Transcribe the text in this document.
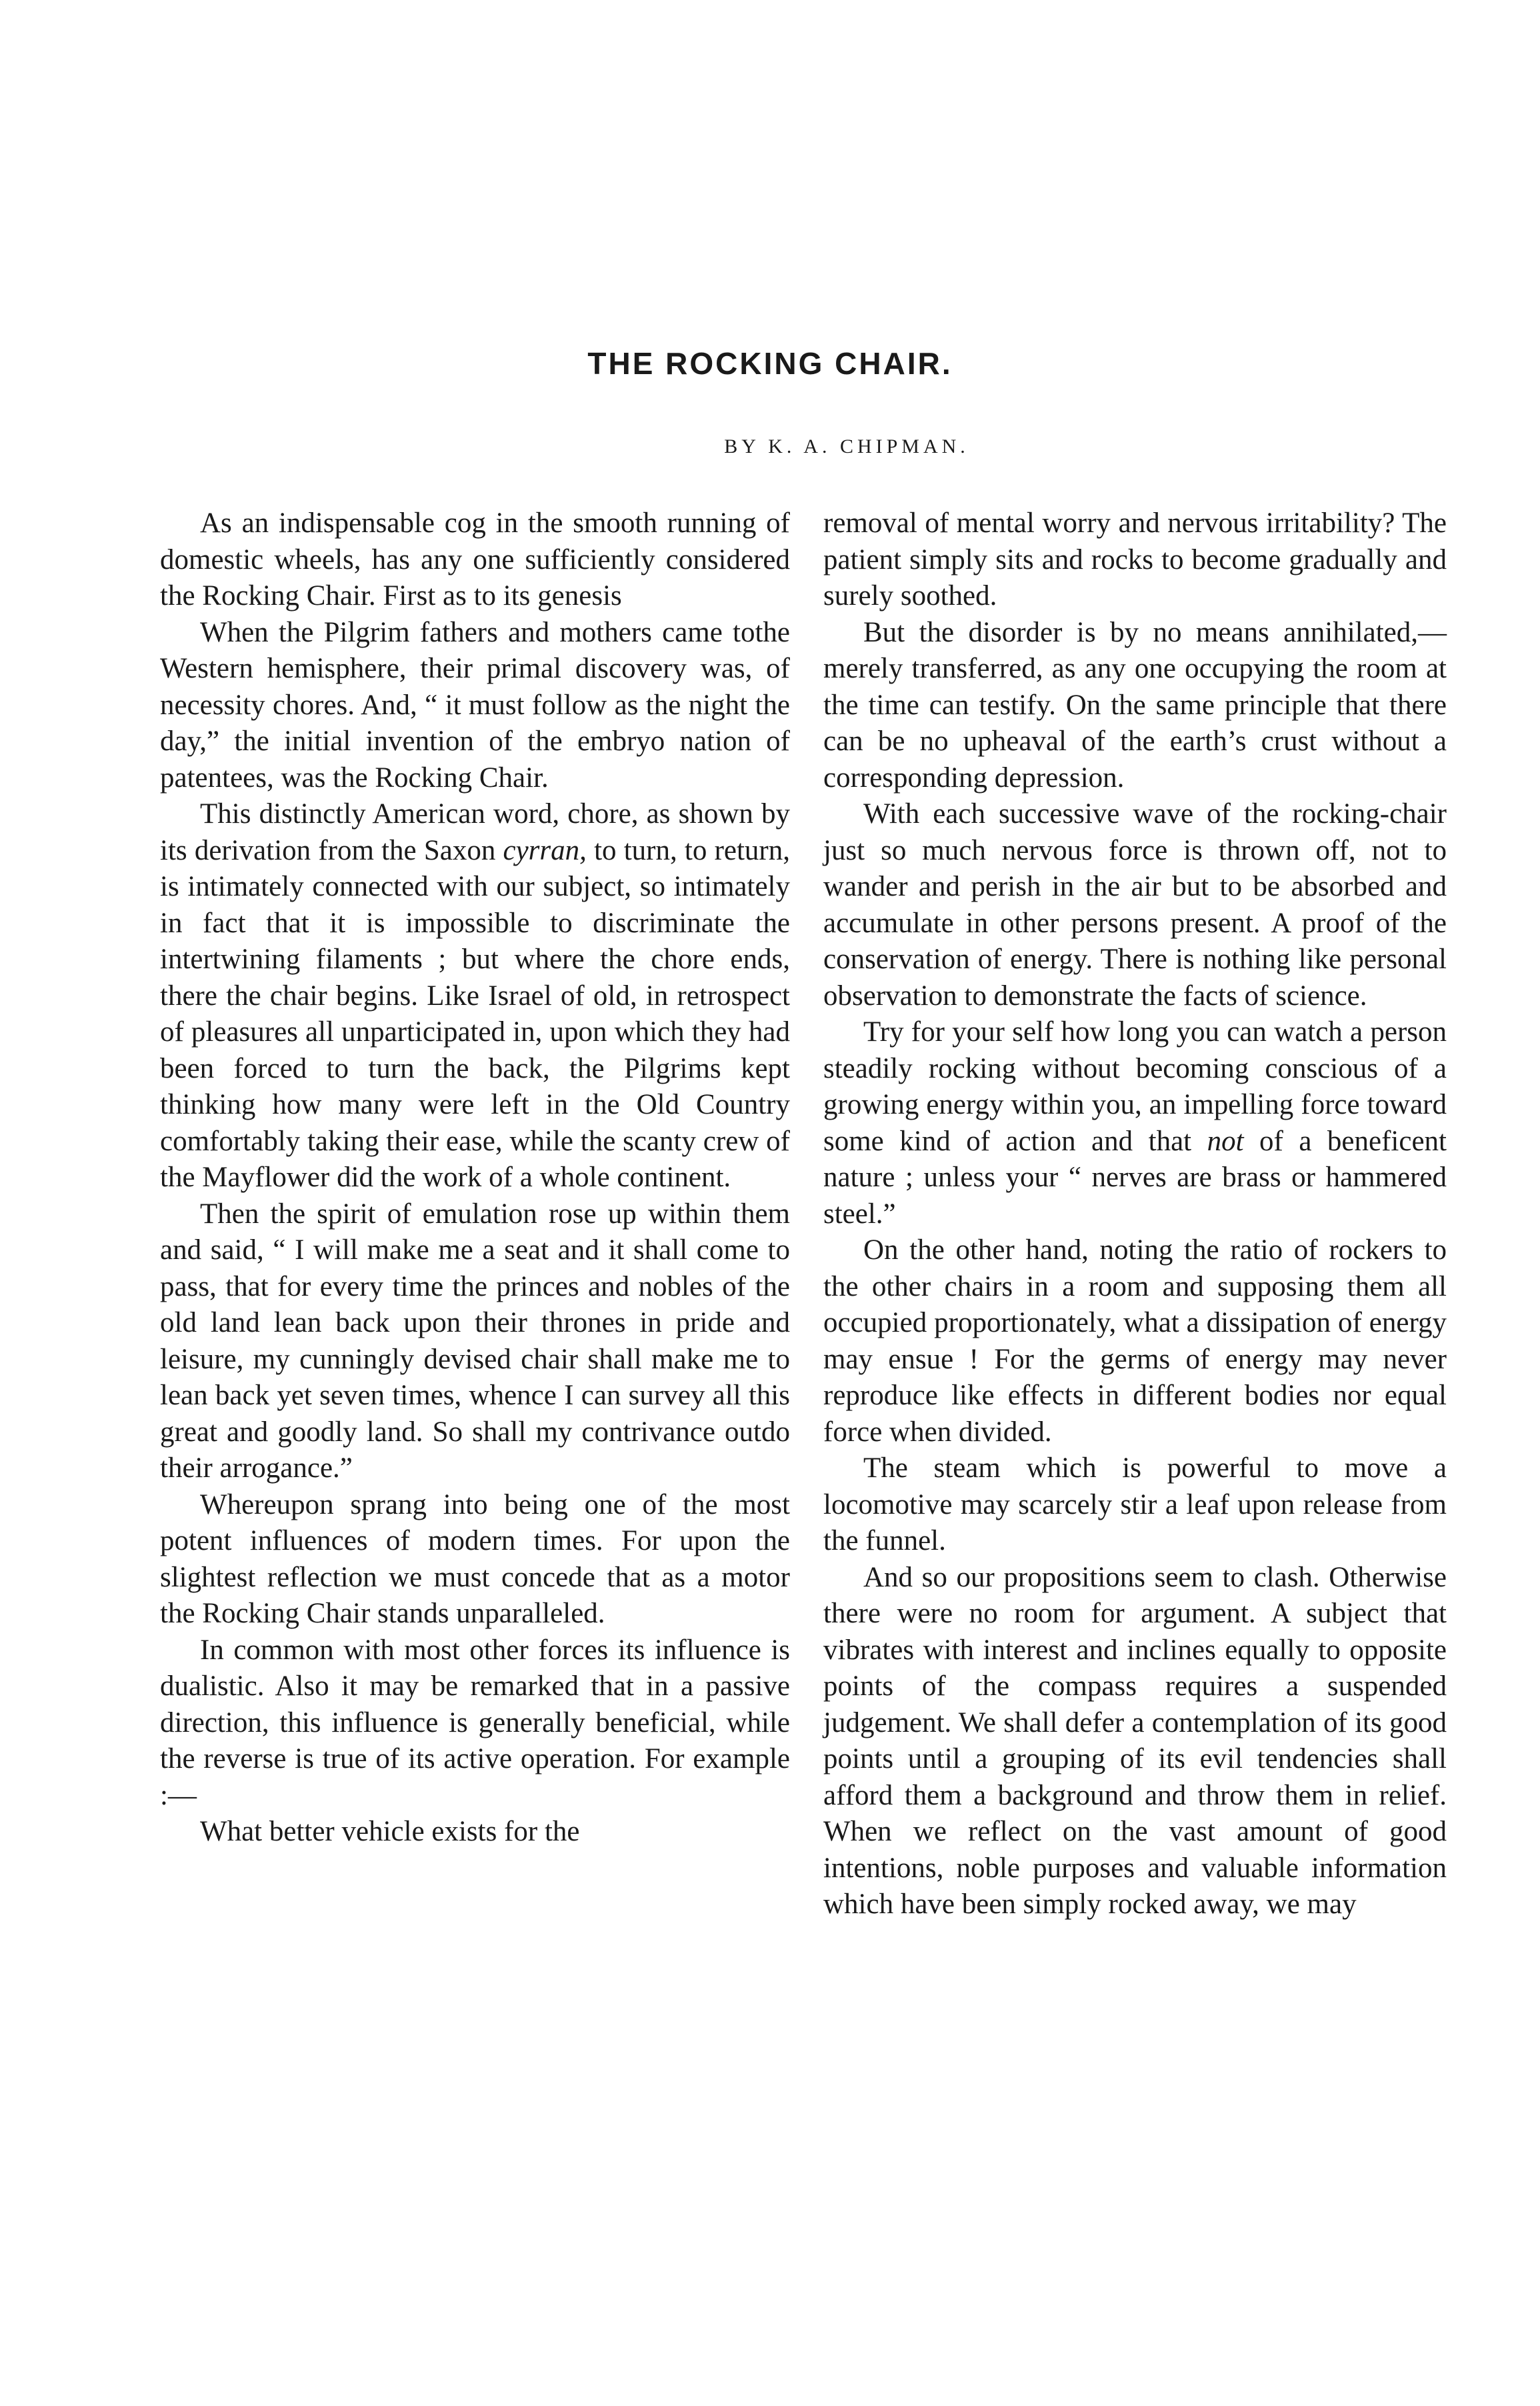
THE ROCKING CHAIR.
BY K. A. CHIPMAN.

As an indispensable cog in the smooth running of domestic wheels, has any one sufficiently considered the Rocking Chair. First as to its genesis

When the Pilgrim fathers and mothers came tothe Western hemisphere, their primal discovery was, of necessity chores. And, “ it must follow as the night the day,” the initial invention of the embryo nation of patentees, was the Rocking Chair.

This distinctly American word, chore, as shown by its derivation from the Saxon cyrran, to turn, to return, is intimately connected with our subject, so intimately in fact that it is impossible to discriminate the intertwining filaments ; but where the chore ends, there the chair begins. Like Israel of old, in retrospect of pleasures all unparticipated in, upon which they had been forced to turn the back, the Pilgrims kept thinking how many were left in the Old Country comfortably taking their ease, while the scanty crew of the Mayflower did the work of a whole continent.

Then the spirit of emulation rose up within them and said, “ I will make me a seat and it shall come to pass, that for every time the princes and nobles of the old land lean back upon their thrones in pride and leisure, my cunningly devised chair shall make me to lean back yet seven times, whence I can survey all this great and goodly land. So shall my contrivance outdo their arrogance.”

Whereupon sprang into being one of the most potent influences of modern times. For upon the slightest reflection we must concede that as a motor the Rocking Chair stands unparalleled.

In common with most other forces its influence is dualistic. Also it may be remarked that in a passive direction, this influence is generally beneficial, while the reverse is true of its active operation. For example :—

What better vehicle exists for the

removal of mental worry and nervous irritability? The patient simply sits and rocks to become gradually and surely soothed.

But the disorder is by no means annihilated,—merely transferred, as any one occupying the room at the time can testify. On the same principle that there can be no upheaval of the earth’s crust without a corresponding depression.

With each successive wave of the rocking-chair just so much nervous force is thrown off, not to wander and perish in the air but to be absorbed and accumulate in other persons present. A proof of the conservation of energy. There is nothing like personal observation to demonstrate the facts of science.

Try for your self how long you can watch a person steadily rocking without becoming conscious of a growing energy within you, an impelling force toward some kind of action and that not of a beneficent nature ; unless your “ nerves are brass or hammered steel.”

On the other hand, noting the ratio of rockers to the other chairs in a room and supposing them all occupied proportionately, what a dissipation of energy may ensue ! For the germs of energy may never reproduce like effects in different bodies nor equal force when divided.

The steam which is powerful to move a locomotive may scarcely stir a leaf upon release from the funnel.

And so our propositions seem to clash. Otherwise there were no room for argument. A subject that vibrates with interest and inclines equally to opposite points of the compass requires a suspended judgement. We shall defer a contemplation of its good points until a grouping of its evil tendencies shall afford them a background and throw them in relief. When we reflect on the vast amount of good intentions, noble purposes and valuable information which have been simply rocked away, we may
